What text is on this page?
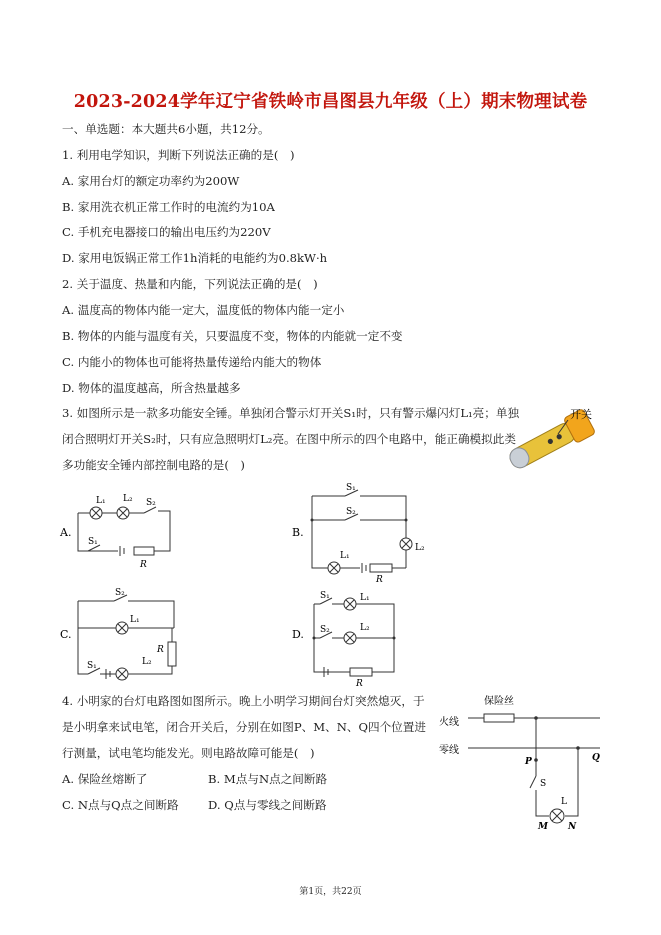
2023-2024学年辽宁省铁岭市昌图县九年级（上）期末物理试卷
一、单选题：本大题共6小题，共12分。
1. 利用电学知识，判断下列说法正确的是(　)
A. 家用台灯的额定功率约为200W
B. 家用洗衣机正常工作时的电流约为10A
C. 手机充电器接口的输出电压约为220V
D. 家用电饭锅正常工作1h消耗的电能约为0.8kW·h
2. 关于温度、热量和内能，下列说法正确的是(　)
A. 温度高的物体内能一定大，温度低的物体内能一定小
B. 物体的内能与温度有关，只要温度不变，物体的内能就一定不变
C. 内能小的物体也可能将热量传递给内能大的物体
D. 物体的温度越高，所含热量越多
3. 如图所示是一款多功能安全锤。单独闭合警示灯开关S₁时，只有警示爆闪灯L₁亮；单独
闭合照明灯开关S₂时，只有应急照明灯L₂亮。在图中所示的四个电路中，能正确模拟此类
多功能安全锤内部控制电路的是(　)
开关
A.
L₁ L₂ S₂
S₁
R
B.
S₁
S₂
L₂
L₁
R
C.
S₂
L₁
R
S₁	L₂
D.
S₁	L₁
S₂	L₂
R
4. 小明家的台灯电路图如图所示。晚上小明学习期间台灯突然熄灭，于
是小明拿来试电笔，闭合开关后，分别在如图P、M、N、Q四个位置进
行测量，试电笔均能发光。则电路故障可能是(　)
A. 保险丝熔断了	B. M点与N点之间断路
C. N点与Q点之间断路	D. Q点与零线之间断路
火线
零线
保险丝
P	Q
S
L
M N
第1页，共22页
